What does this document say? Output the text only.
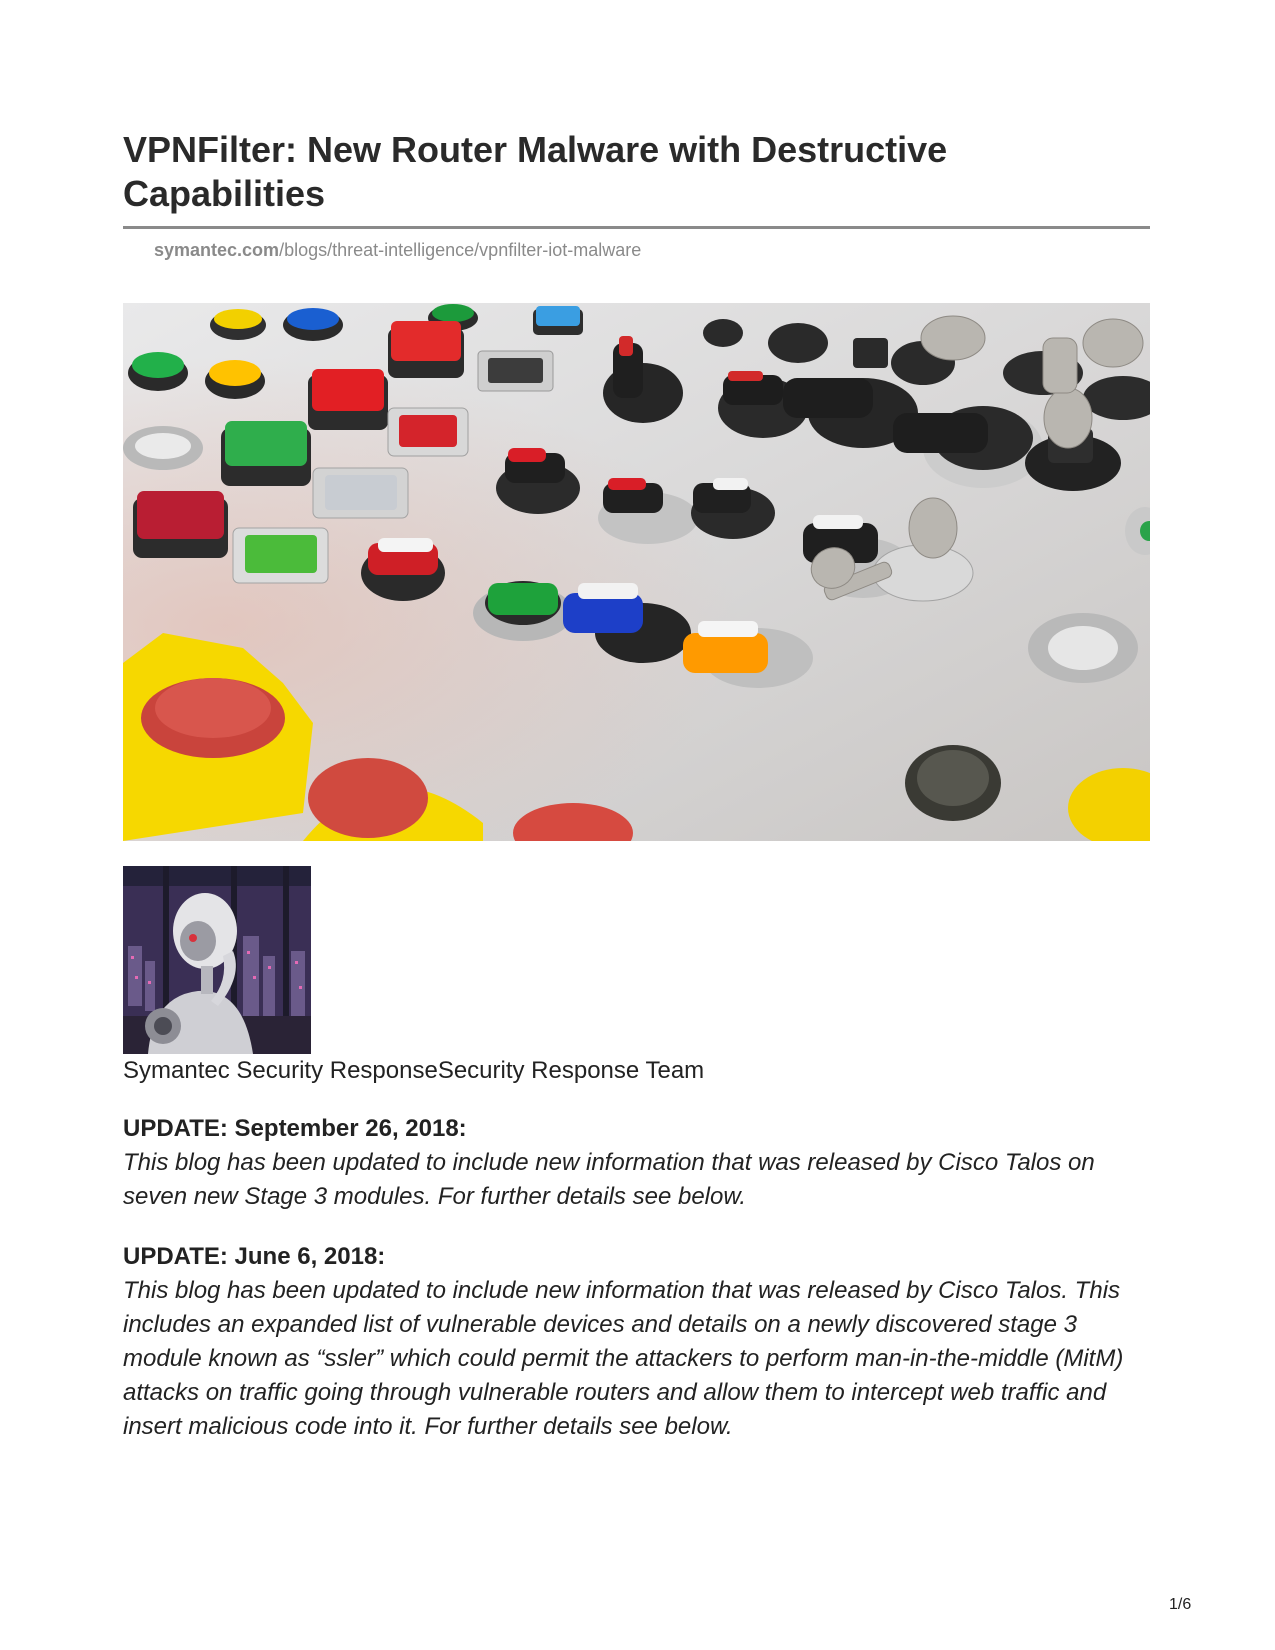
VPNFilter: New Router Malware with Destructive Capabilities
symantec.com/blogs/threat-intelligence/vpnfilter-iot-malware
Symantec Security ResponseSecurity Response Team
UPDATE: September 26, 2018:

This blog has been updated to include new information that was released by Cisco Talos on seven new Stage 3 modules. For further details see below.

UPDATE: June 6, 2018:

This blog has been updated to include new information that was released by Cisco Talos. This includes an expanded list of vulnerable devices and details on a newly discovered stage 3 module known as “ssler” which could permit the attackers to perform man-in-the-middle (MitM) attacks on traffic going through vulnerable routers and allow them to intercept web traffic and insert malicious code into it. For further details see below.

1/6
